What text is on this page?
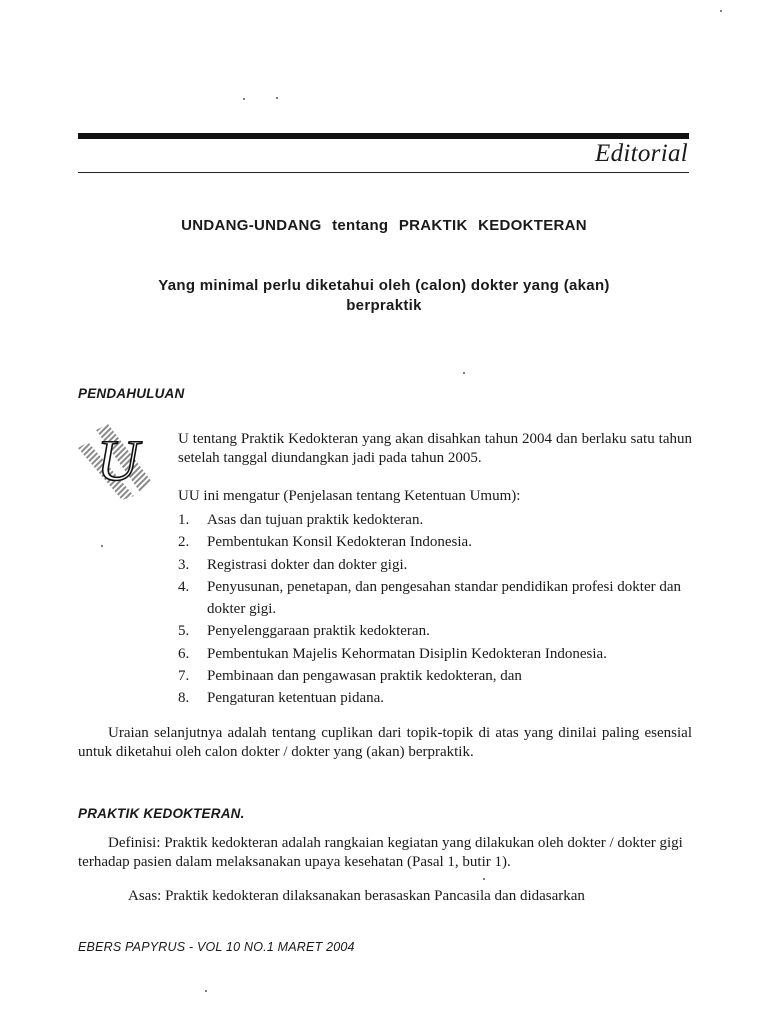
Editorial
UNDANG-UNDANG tentang PRAKTIK KEDOKTERAN
Yang minimal perlu diketahui oleh (calon) dokter yang (akan)
berpraktik
PENDAHULUAN
U	U tentang Praktik Kedokteran yang akan disahkan tahun 2004 dan berlaku satu tahun setelah tanggal diundangkan jadi pada tahun 2005.
UU ini mengatur (Penjelasan tentang Ketentuan Umum):
1.	Asas dan tujuan praktik kedokteran.
2.	Pembentukan Konsil Kedokteran Indonesia.
3.	Registrasi dokter dan dokter gigi.
4.	Penyusunan, penetapan, dan pengesahan standar pendidikan profesi dokter dan dokter gigi.
5.	Penyelenggaraan praktik kedokteran.
6.	Pembentukan Majelis Kehormatan Disiplin Kedokteran Indonesia.
7.	Pembinaan dan pengawasan praktik kedokteran, dan
8.	Pengaturan ketentuan pidana.
Uraian selanjutnya adalah tentang cuplikan dari topik-topik di atas yang dinilai paling esensial untuk diketahui oleh calon dokter / dokter yang (akan) berpraktik.
PRAKTIK KEDOKTERAN.
Definisi: Praktik kedokteran adalah rangkaian kegiatan yang dilakukan oleh dokter / dokter gigi terhadap pasien dalam melaksanakan upaya kesehatan (Pasal 1, butir 1).
Asas: Praktik kedokteran dilaksanakan berasaskan Pancasila dan didasarkan
EBERS PAPYRUS - VOL 10 NO.1 MARET 2004
